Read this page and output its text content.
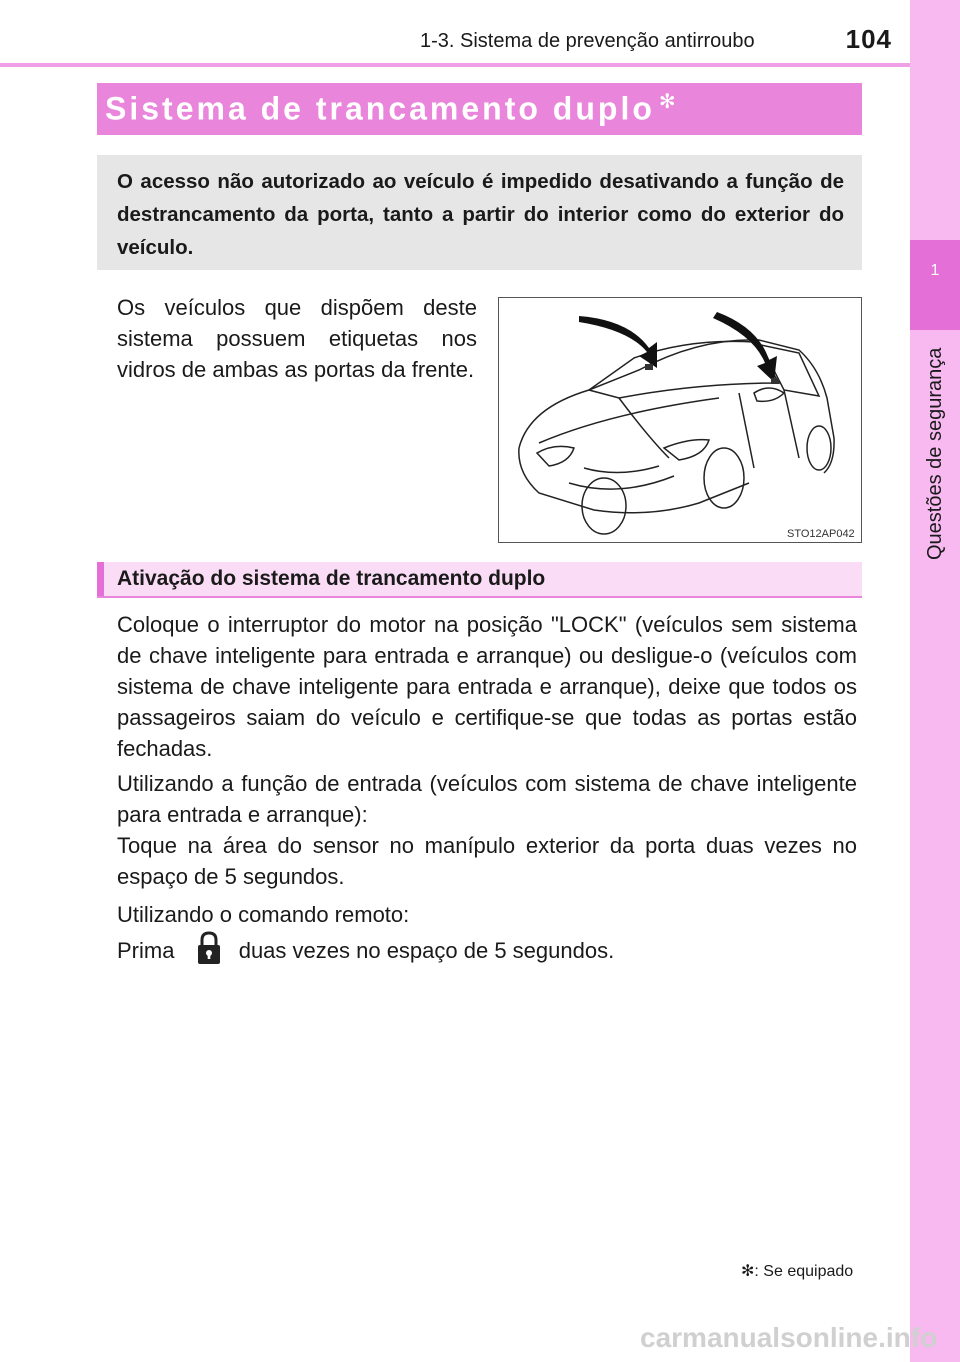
1-3. Sistema de prevenção antirroubo	104
1
Questões de segurança
Sistema de trancamento duplo ✻
O acesso não autorizado ao veículo é impedido desativando a função de destrancamento da porta, tanto a partir do interior como do exterior do veículo.
Os veículos que dispõem deste sistema possuem etiquetas nos vidros de ambas as portas da frente.
STO12AP042
Ativação do sistema de trancamento duplo
Coloque o interruptor do motor na posição "LOCK" (veículos sem sistema de chave inteligente para entrada e arranque) ou desligue-o (veículos com sistema de chave inteligente para entrada e arranque), deixe que todos os passageiros saiam do veículo e certifique-se que todas as portas estão fechadas.
Utilizando a função de entrada (veículos com sistema de chave inteligente para entrada e arranque):
Toque na área do sensor no manípulo exterior da porta duas vezes no espaço de 5 segundos.
Utilizando o comando remoto:
Prima	duas vezes no espaço de 5 segundos.
✻: Se equipado
carmanualsonline.info
